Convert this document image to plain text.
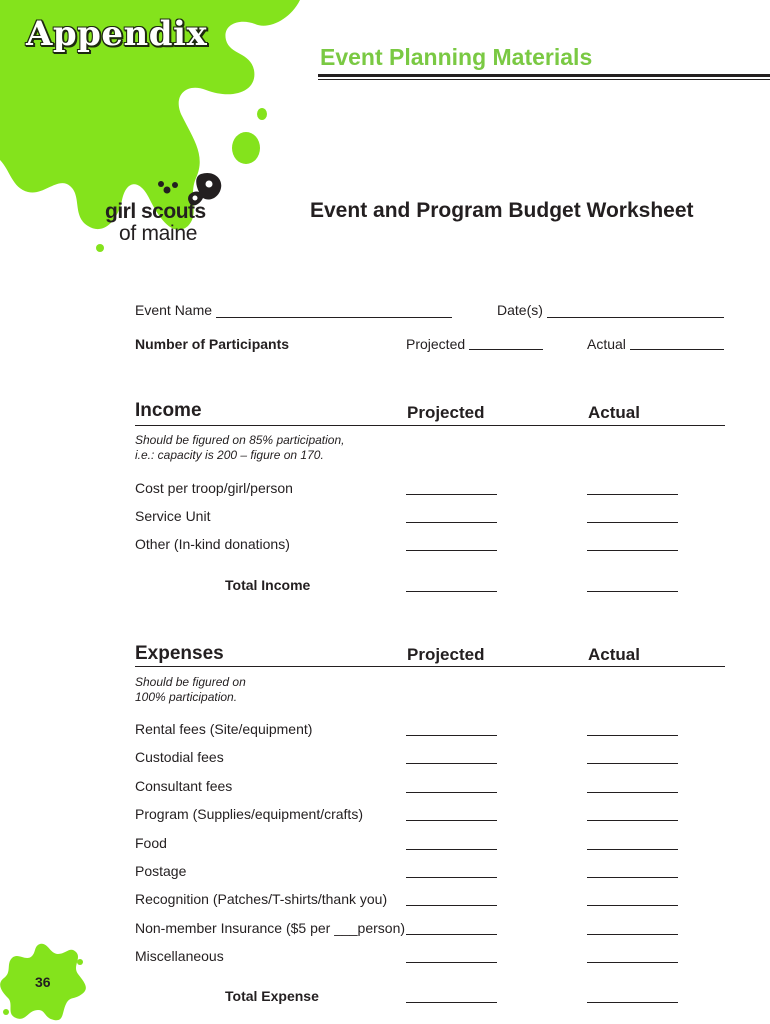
Appendix
Event Planning Materials
girl scouts
of maine
Event and Program Budget Worksheet
Event Name	Date(s)
Number of Participants	Projected	Actual
Income	Projected	Actual
Should be figured on 85% participation,
i.e.: capacity is 200 – figure on 170.
Cost per troop/girl/person
Service Unit
Other (In-kind donations)
Total Income
Expenses	Projected	Actual
Should be figured on
100% participation.
Rental fees (Site/equipment)
Custodial fees
Consultant fees
Program (Supplies/equipment/crafts)
Food
Postage
Recognition (Patches/T-shirts/thank you)
Non-member Insurance ($5 per ___person)
Miscellaneous
Total Expense
36
